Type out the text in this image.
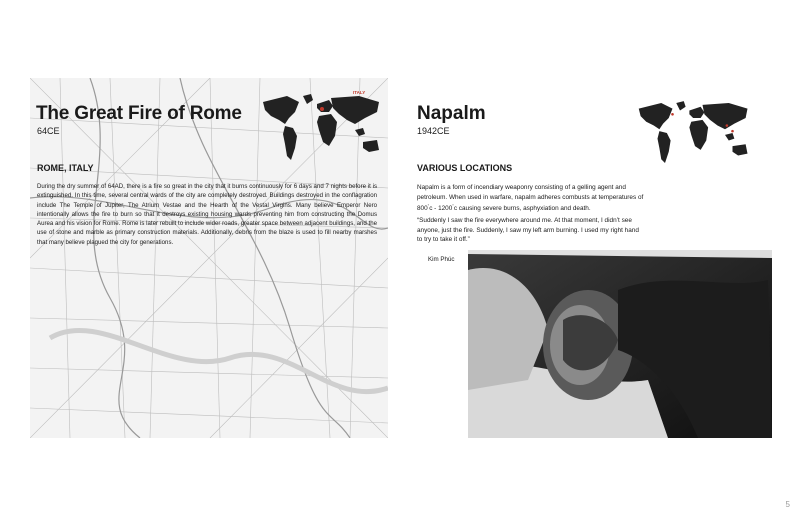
The Great Fire of Rome
64CE
ITALY
ROME, ITALY
During the dry summer of 64AD, there is a fire so great in the city that it burns continuously for 6 days and 7 nights before it is extinguished. In this time, several central wards of the city are completely destroyed. Buildings destroyed in the conflagration include The Temple of Jupiter, The Atrium Vestae and the Hearth of the Vestal Virgins. Many believe Emperor Nero intentionally allows the fire to burn so that it destroys existing housing wards preventing him from constructing the Domus Aurea and his vision for Rome. Rome is later rebuilt to include wider roads, greater space between adjacent buildings, and the use of stone and marble as primary construction materials. Additionally, debris from the blaze is used to fill nearby marshes that many believe plagued the city for generations.
Napalm
1942CE
VARIOUS LOCATIONS
Napalm is a form of incendiary weaponry consisting of a gelling agent and petroleum. When used in warfare, napalm adheres combusts at temperatures of 800°c - 1200°c causing severe burns, asphyxiation and death.
“Suddenly I saw the fire everywhere around me. At that moment, I didn’t see anyone, just the fire. Suddenly, I saw my left arm burning. I used my right hand to try to take it off.”
Kim Phúc
5
